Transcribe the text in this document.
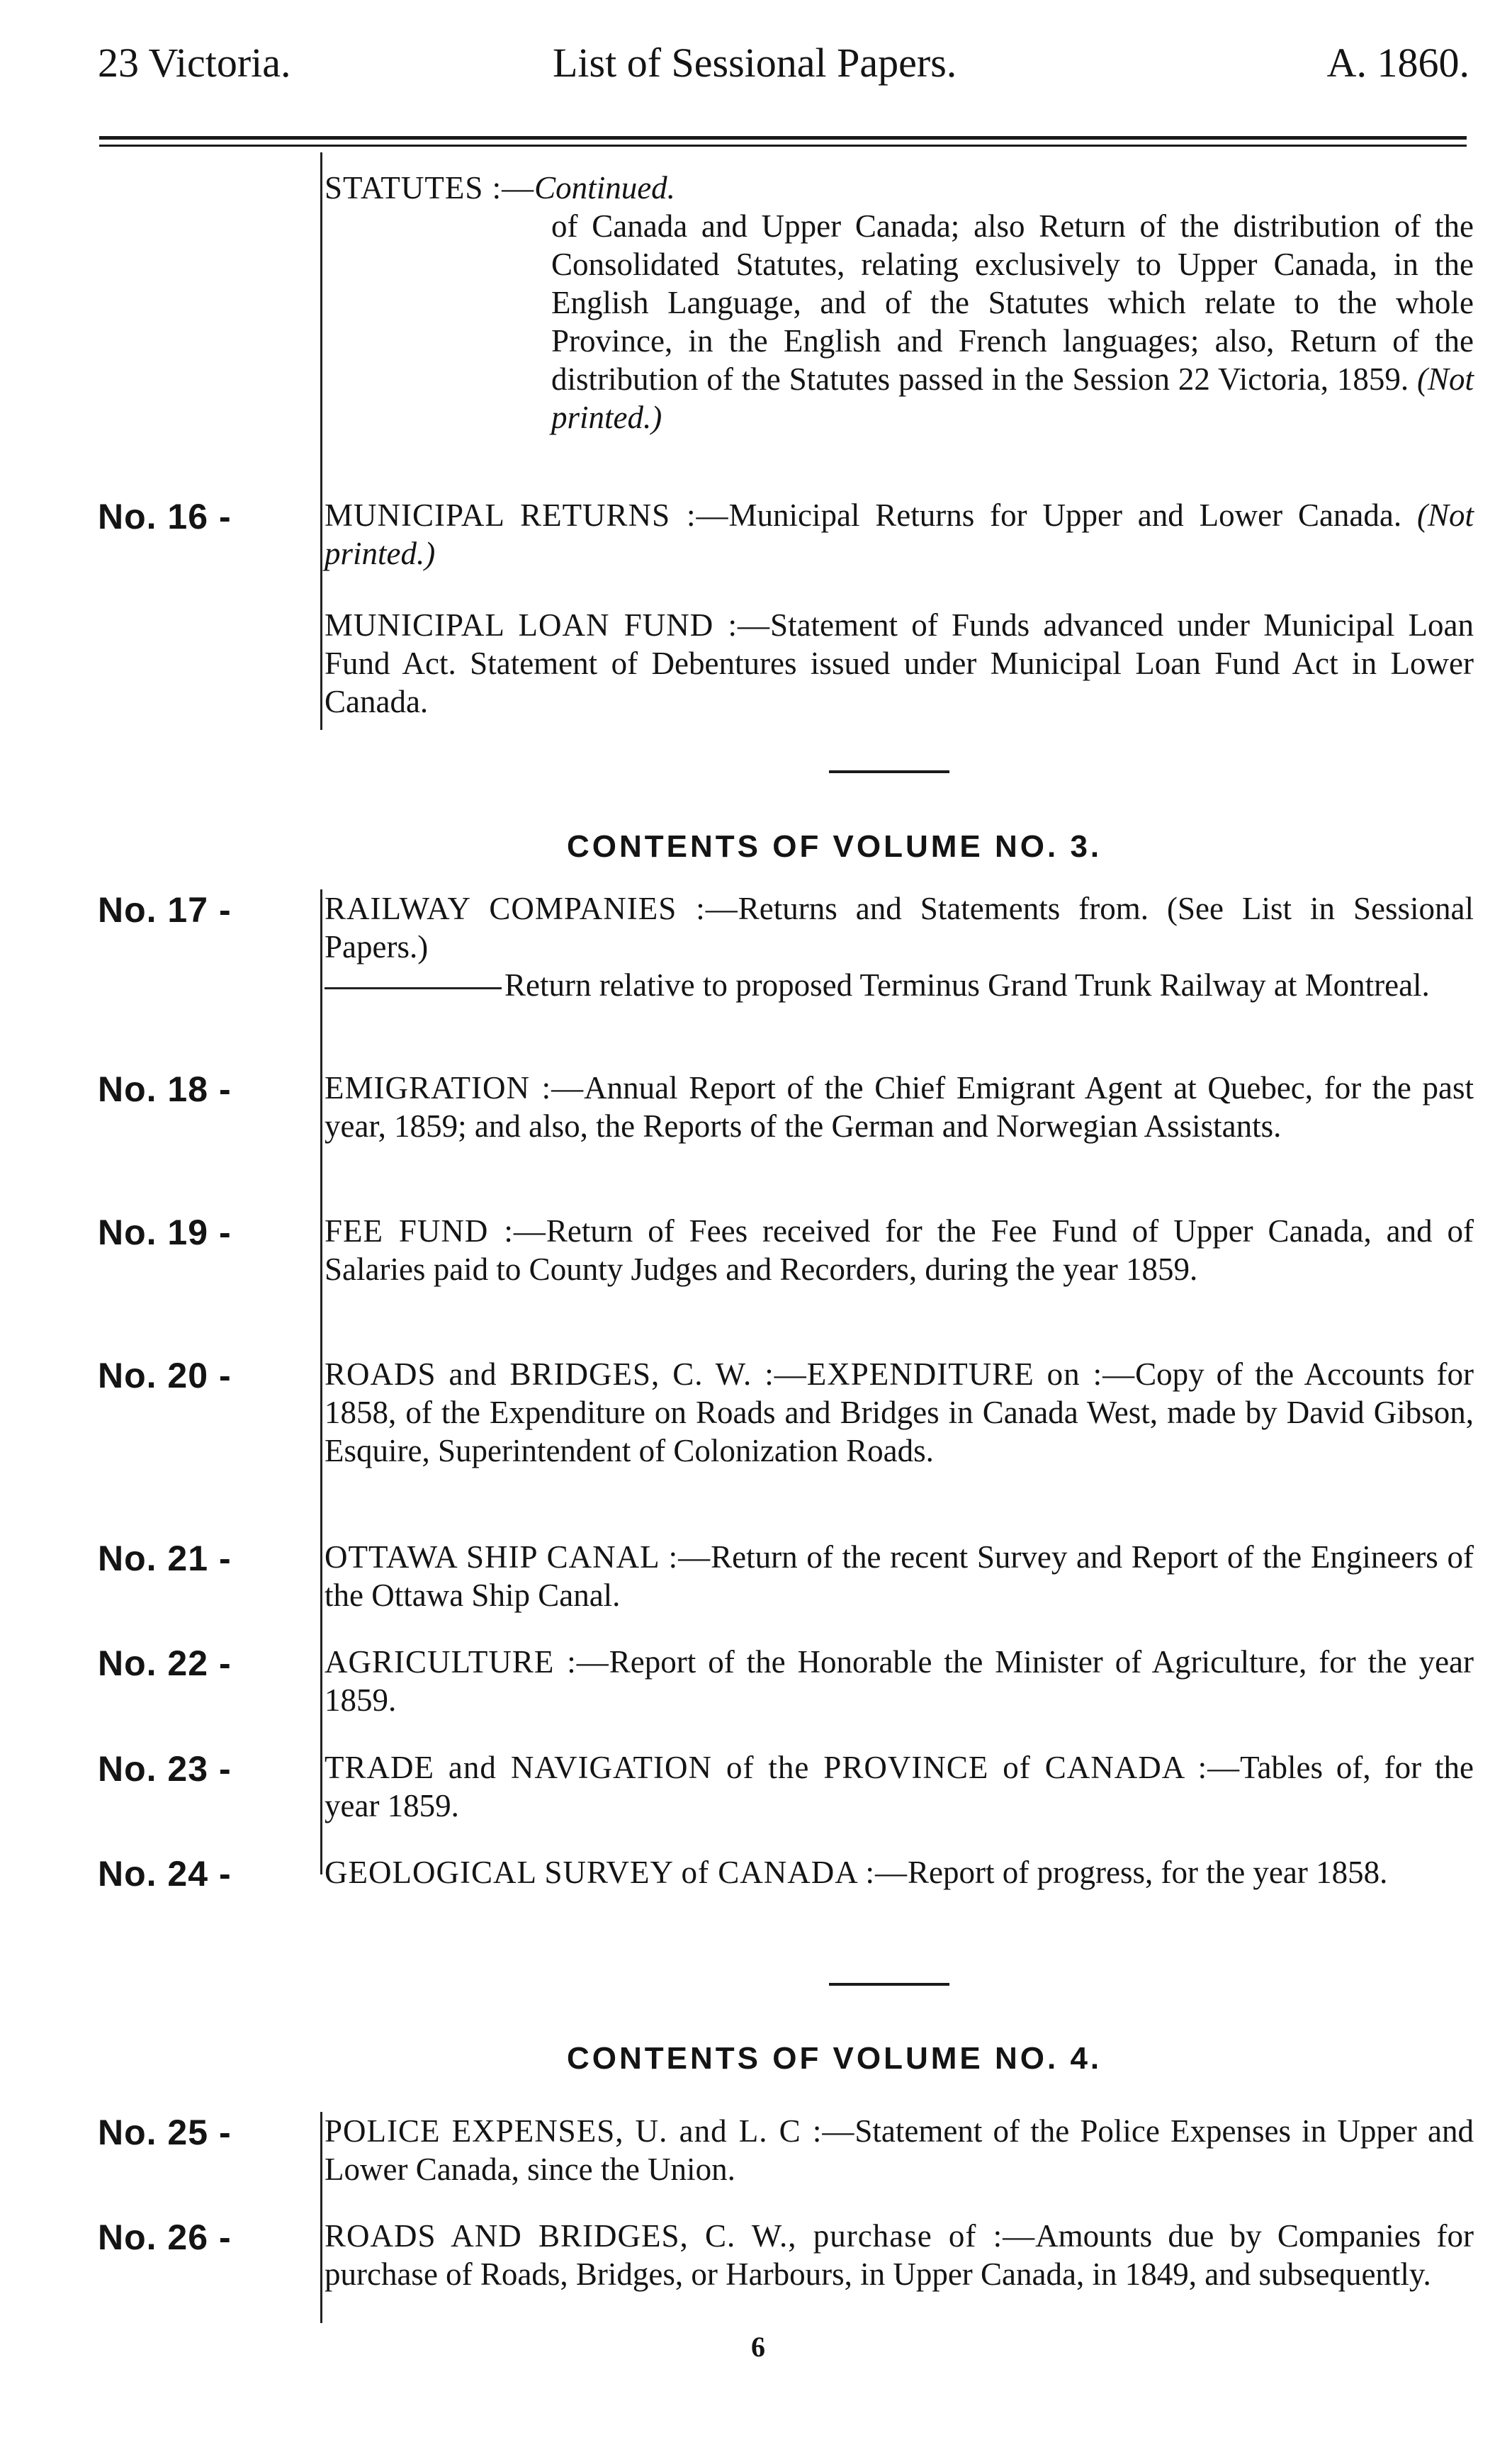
23 Victoria.	List of Sessional Papers.	A. 1860.
STATUTES :—Continued.
of Canada and Upper Canada; also Return of the distribution of the Consolidated Statutes, relating exclusively to Upper Canada, in the English Language, and of the Statutes which relate to the whole Province, in the English and French languages; also, Return of the distribution of the Statutes passed in the Session 22 Victoria, 1859. (Not printed.)
No. 16 -	MUNICIPAL RETURNS :—Municipal Returns for Upper and Lower Canada. (Not printed.)
MUNICIPAL LOAN FUND :—Statement of Funds advanced under Municipal Loan Fund Act. Statement of Debentures issued under Municipal Loan Fund Act in Lower Canada.
CONTENTS OF VOLUME NO. 3.
No. 17 -	RAILWAY COMPANIES :—Returns and Statements from. (See List in Sessional Papers.)
Return relative to proposed Terminus Grand Trunk Railway at Montreal.
No. 18 -	EMIGRATION :—Annual Report of the Chief Emigrant Agent at Quebec, for the past year, 1859; and also, the Reports of the German and Norwegian Assistants.
No. 19 -	FEE FUND :—Return of Fees received for the Fee Fund of Upper Canada, and of Salaries paid to County Judges and Recorders, during the year 1859.
No. 20 -	ROADS and BRIDGES, C. W. :—EXPENDITURE on :—Copy of the Accounts for 1858, of the Expenditure on Roads and Bridges in Canada West, made by David Gibson, Esquire, Superintendent of Colonization Roads.
No. 21 -	OTTAWA SHIP CANAL :—Return of the recent Survey and Report of the Engineers of the Ottawa Ship Canal.
No. 22 -	AGRICULTURE :—Report of the Honorable the Minister of Agriculture, for the year 1859.
No. 23 -	TRADE and NAVIGATION of the PROVINCE of CANADA :—Tables of, for the year 1859.
No. 24 -	GEOLOGICAL SURVEY of CANADA :—Report of progress, for the year 1858.
CONTENTS OF VOLUME NO. 4.
No. 25 -	POLICE EXPENSES, U. and L. C :—Statement of the Police Expenses in Upper and Lower Canada, since the Union.
No. 26 -	ROADS AND BRIDGES, C. W., purchase of :—Amounts due by Companies for purchase of Roads, Bridges, or Harbours, in Upper Canada, in 1849, and subsequently.
6
